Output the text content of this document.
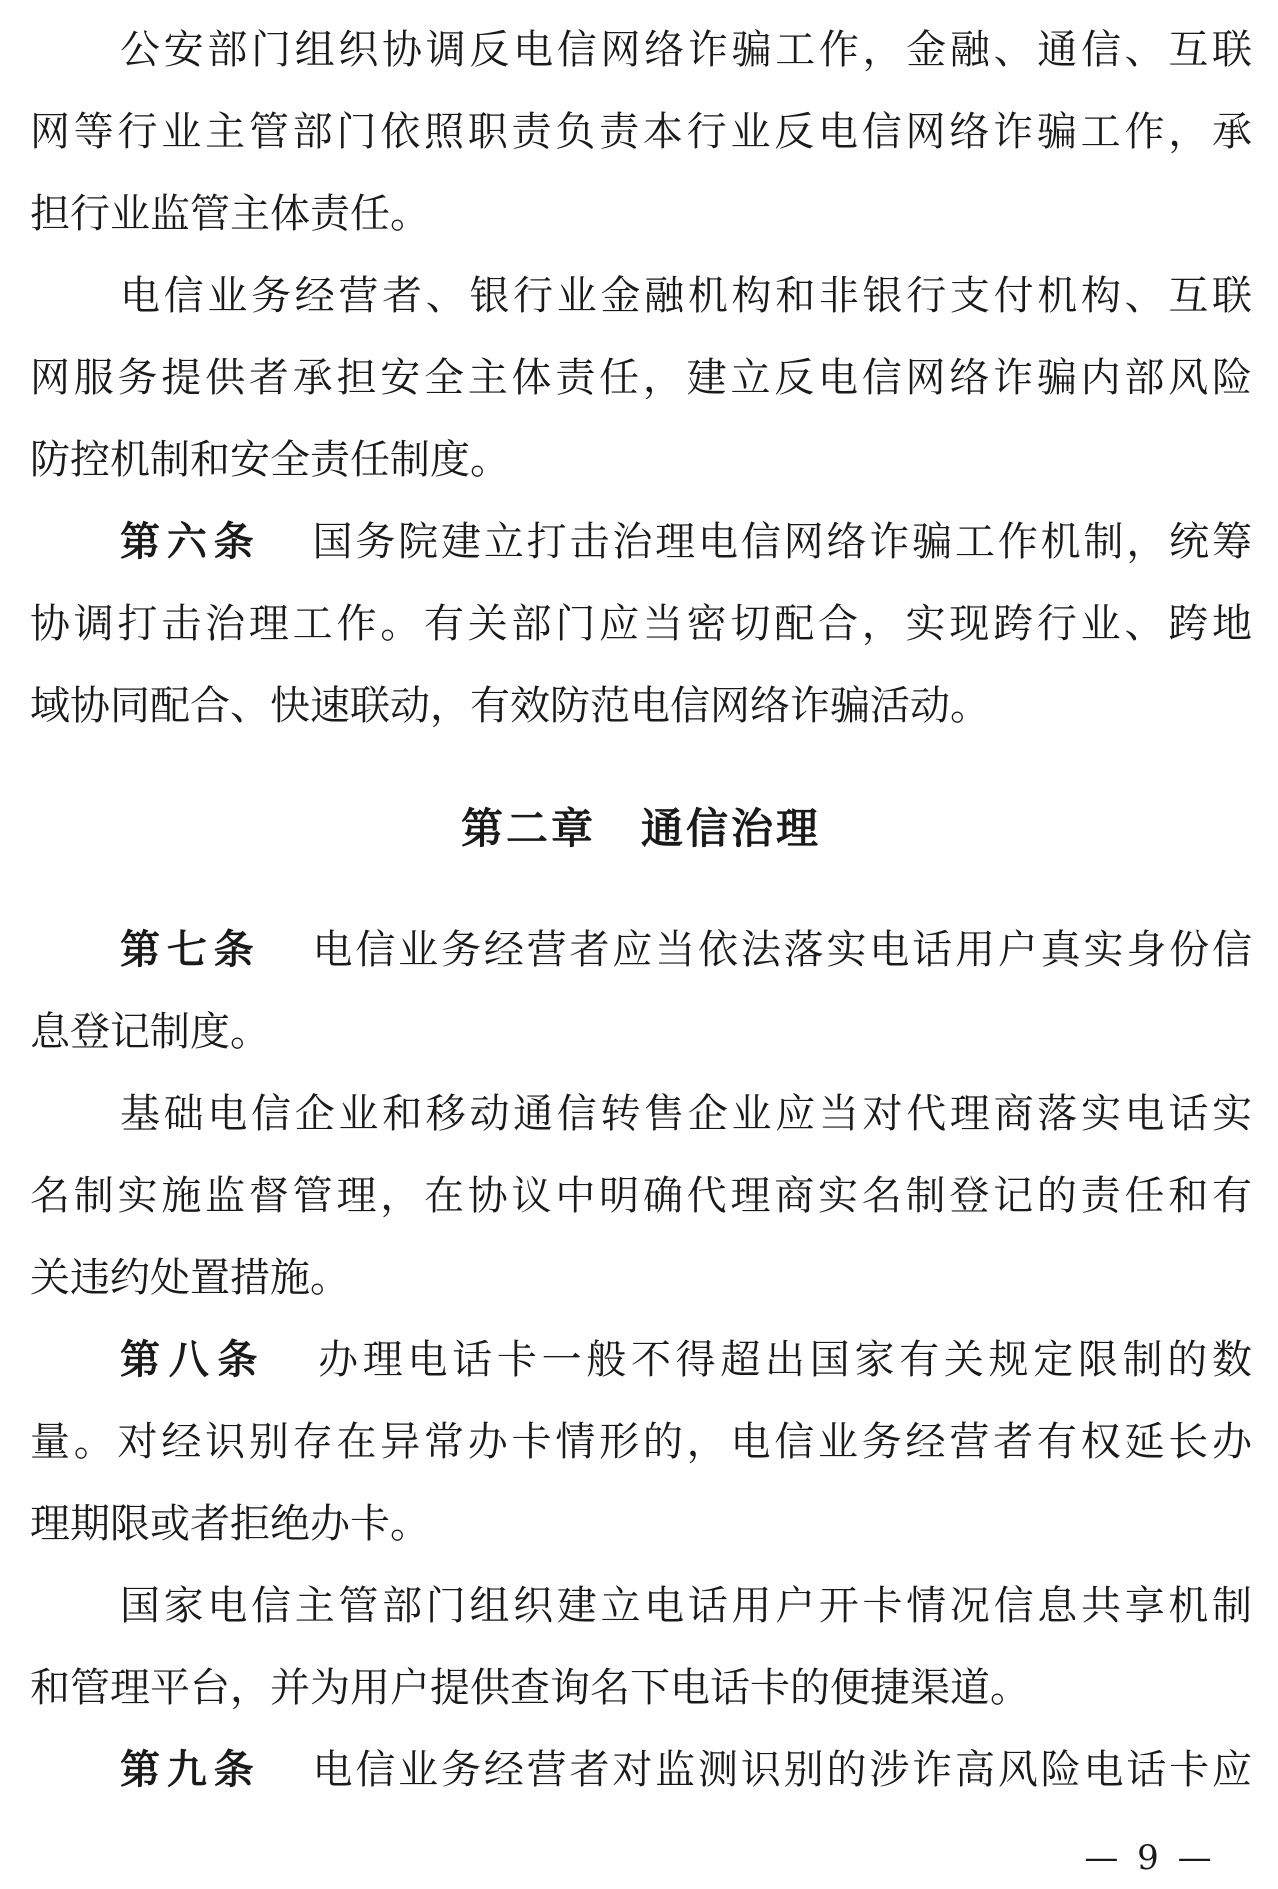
公安部门组织协调反电信网络诈骗工作，金融、通信、互联
网等行业主管部门依照职责负责本行业反电信网络诈骗工作，承
担行业监管主体责任。
电信业务经营者、银行业金融机构和非银行支付机构、互联
网服务提供者承担安全主体责任，建立反电信网络诈骗内部风险
防控机制和安全责任制度。
第六条 国务院建立打击治理电信网络诈骗工作机制，统筹
协调打击治理工作。有关部门应当密切配合，实现跨行业、跨地
域协同配合、快速联动，有效防范电信网络诈骗活动。
第二章　通信治理
第七条 电信业务经营者应当依法落实电话用户真实身份信
息登记制度。
基础电信企业和移动通信转售企业应当对代理商落实电话实
名制实施监督管理，在协议中明确代理商实名制登记的责任和有
关违约处置措施。
第八条 办理电话卡一般不得超出国家有关规定限制的数
量。对经识别存在异常办卡情形的，电信业务经营者有权延长办
理期限或者拒绝办卡。
国家电信主管部门组织建立电话用户开卡情况信息共享机制
和管理平台，并为用户提供查询名下电话卡的便捷渠道。
第九条 电信业务经营者对监测识别的涉诈高风险电话卡应
— 9 —
